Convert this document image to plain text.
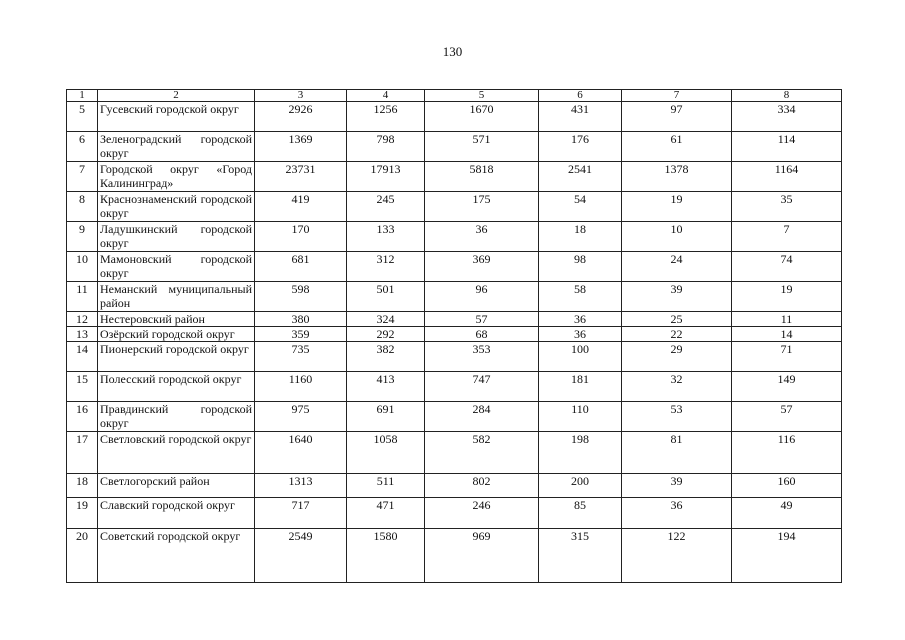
130
1	2	3	4	5	6	7	8
5	Гусевский городской округ	2926	1256	1670	431	97	334
6	Зеленоградский городской округ	1369	798	571	176	61	114
7	Городской округ «Город Калининград»	23731	17913	5818	2541	1378	1164
8	Краснознаменский городской округ	419	245	175	54	19	35
9	Ладушкинский городской округ	170	133	36	18	10	7
10	Мамоновский городской округ	681	312	369	98	24	74
11	Неманский муниципальный район	598	501	96	58	39	19
12	Нестеровский район	380	324	57	36	25	11
13	Озёрский городской округ	359	292	68	36	22	14
14	Пионерский городской округ	735	382	353	100	29	71
15	Полесский городской округ	1160	413	747	181	32	149
16	Правдинский городской округ	975	691	284	110	53	57
17	Светловский городской округ	1640	1058	582	198	81	116
18	Светлогорский район	1313	511	802	200	39	160
19	Славский городской округ	717	471	246	85	36	49
20	Советский городской округ	2549	1580	969	315	122	194
